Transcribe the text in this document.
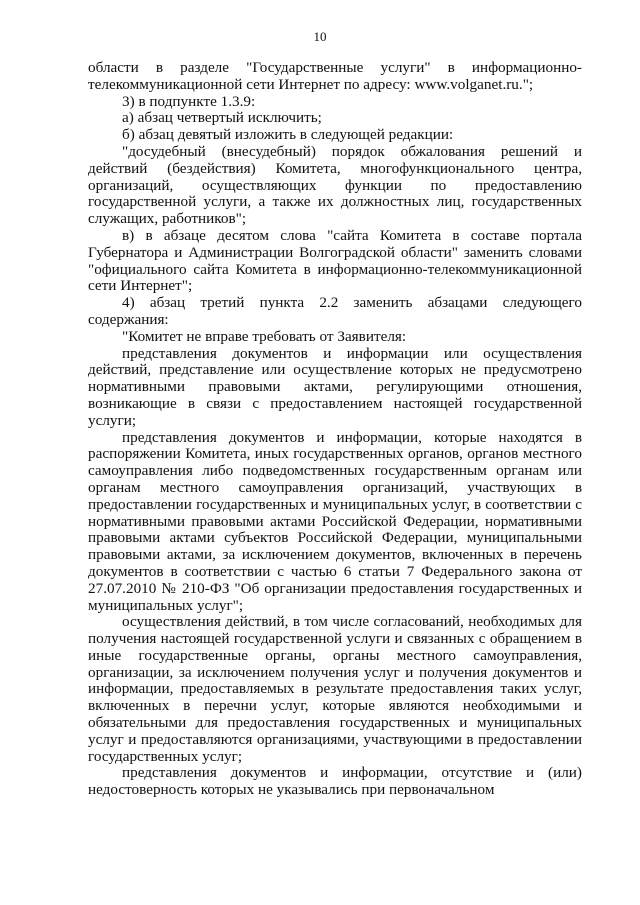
10

области в разделе "Государственные услуги" в информационно-телекоммуникационной сети Интернет по адресу: www.volganet.ru.";

3) в подпункте 1.3.9:

а) абзац четвертый исключить;

б) абзац девятый изложить в следующей редакции:

"досудебный (внесудебный) порядок обжалования решений и действий (бездействия) Комитета, многофункционального центра, организаций, осуществляющих функции по предоставлению государственной услуги, а также их должностных лиц, государственных служащих, работников";

в) в абзаце десятом слова "сайта Комитета в составе портала Губернатора и Администрации Волгоградской области" заменить словами "официального сайта Комитета в информационно-телекоммуникационной сети Интернет";

4) абзац третий пункта 2.2 заменить абзацами следующего содержания:

"Комитет не вправе требовать от Заявителя:

представления документов и информации или осуществления действий, представление или осуществление которых не предусмотрено нормативными правовыми актами, регулирующими отношения, возникающие в связи с предоставлением настоящей государственной услуги;

представления документов и информации, которые находятся в распоряжении Комитета, иных государственных органов, органов местного самоуправления либо подведомственных государственным органам или органам местного самоуправления организаций, участвующих в предоставлении государственных и муниципальных услуг, в соответствии с нормативными правовыми актами Российской Федерации, нормативными правовыми актами субъектов Российской Федерации, муниципальными правовыми актами, за исключением документов, включенных в перечень документов в соответствии с частью 6 статьи 7 Федерального закона от 27.07.2010 № 210-ФЗ "Об организации предоставления государственных и муниципальных услуг";

осуществления действий, в том числе согласований, необходимых для получения настоящей государственной услуги и связанных с обращением в иные государственные органы, органы местного самоуправления, организации, за исключением получения услуг и получения документов и информации, предоставляемых в результате предоставления таких услуг, включенных в перечни услуг, которые являются необходимыми и обязательными для предоставления государственных и муниципальных услуг и предоставляются организациями, участвующими в предоставлении государственных услуг;

представления документов и информации, отсутствие и (или) недостоверность которых не указывались при первоначальном
